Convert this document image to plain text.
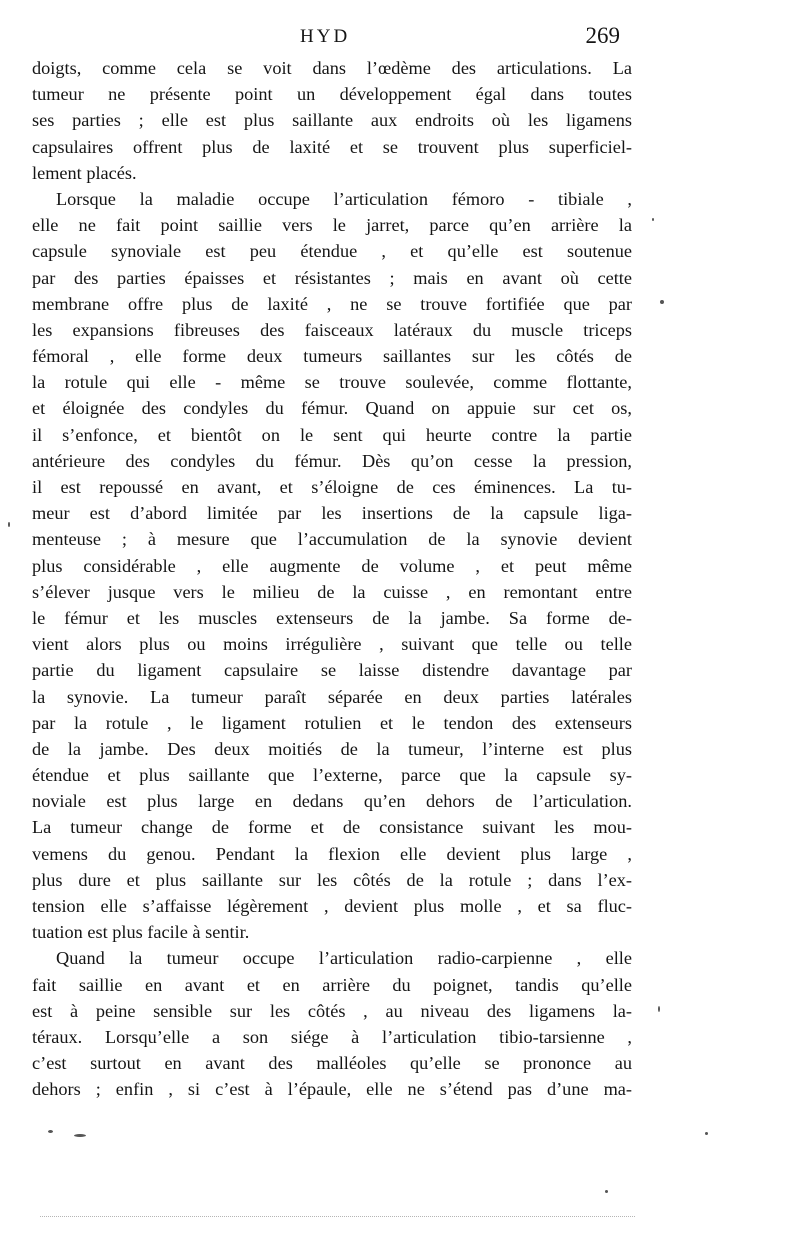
HYD	269
doigts, comme cela se voit dans l’œdème des articulations. La
tumeur ne présente point un développement égal dans toutes
ses parties ; elle est plus saillante aux endroits où les ligamens
capsulaires offrent plus de laxité et se trouvent plus superficiel-
lement placés.
Lorsque la maladie occupe l’articulation fémoro - tibiale ,
elle ne fait point saillie vers le jarret, parce qu’en arrière la
capsule synoviale est peu étendue , et qu’elle est soutenue
par des parties épaisses et résistantes ; mais en avant où cette
membrane offre plus de laxité , ne se trouve fortifiée que par
les expansions fibreuses des faisceaux latéraux du muscle triceps
fémoral , elle forme deux tumeurs saillantes sur les côtés de
la rotule qui elle - même se trouve soulevée, comme flottante,
et éloignée des condyles du fémur. Quand on appuie sur cet os,
il s’enfonce, et bientôt on le sent qui heurte contre la partie
antérieure des condyles du fémur. Dès qu’on cesse la pression,
il est repoussé en avant, et s’éloigne de ces éminences. La tu-
meur est d’abord limitée par les insertions de la capsule liga-
menteuse ; à mesure que l’accumulation de la synovie devient
plus considérable , elle augmente de volume , et peut même
s’élever jusque vers le milieu de la cuisse , en remontant entre
le fémur et les muscles extenseurs de la jambe. Sa forme de-
vient alors plus ou moins irrégulière , suivant que telle ou telle
partie du ligament capsulaire se laisse distendre davantage par
la synovie. La tumeur paraît séparée en deux parties latérales
par la rotule , le ligament rotulien et le tendon des extenseurs
de la jambe. Des deux moitiés de la tumeur, l’interne est plus
étendue et plus saillante que l’externe, parce que la capsule sy-
noviale est plus large en dedans qu’en dehors de l’articulation.
La tumeur change de forme et de consistance suivant les mou-
vemens du genou. Pendant la flexion elle devient plus large ,
plus dure et plus saillante sur les côtés de la rotule ; dans l’ex-
tension elle s’affaisse légèrement , devient plus molle , et sa fluc-
tuation est plus facile à sentir.
Quand la tumeur occupe l’articulation radio-carpienne , elle
fait saillie en avant et en arrière du poignet, tandis qu’elle
est à peine sensible sur les côtés , au niveau des ligamens la-
téraux. Lorsqu’elle a son siége à l’articulation tibio-tarsienne ,
c’est surtout en avant des malléoles qu’elle se prononce au
dehors ; enfin , si c’est à l’épaule, elle ne s’étend pas d’une ma-
